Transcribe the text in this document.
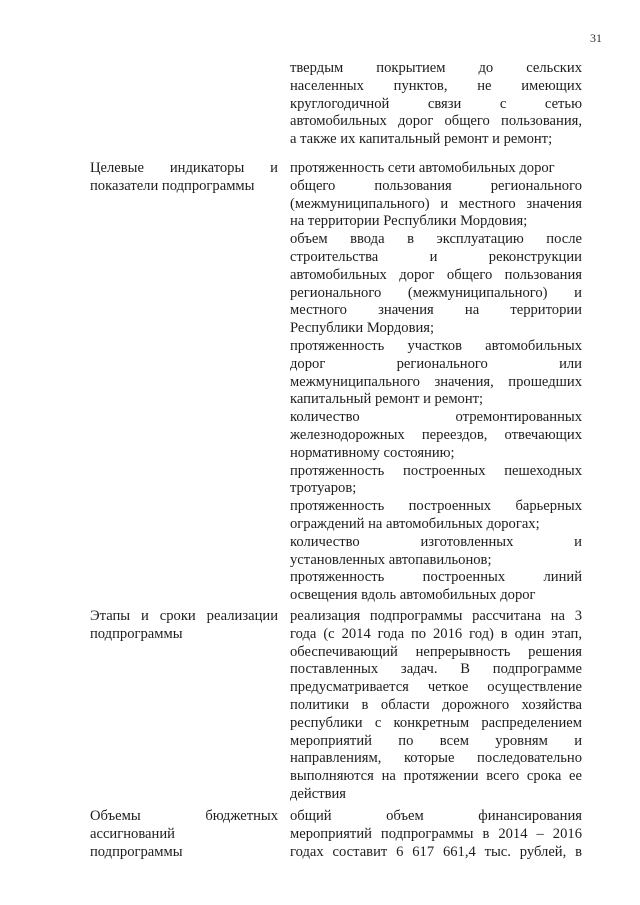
31
твердым покрытием до сельских
населенных пунктов, не имеющих
круглогодичной связи с сетью
автомобильных дорог общего пользования,
а также их капитальный ремонт и ремонт;
Целевые индикаторы и
показатели подпрограммы
протяженность сети автомобильных дорог
общего пользования регионального
(межмуниципального) и местного значения
на территории Республики Мордовия;
объем ввода в эксплуатацию после
строительства и реконструкции
автомобильных дорог общего пользования
регионального (межмуниципального) и
местного значения на территории
Республики Мордовия;
протяженность участков автомобильных
дорог регионального или
межмуниципального значения, прошедших
капитальный ремонт и ремонт;
количество отремонтированных
железнодорожных переездов, отвечающих
нормативному состоянию;
протяженность построенных пешеходных
тротуаров;
протяженность построенных барьерных
ограждений на автомобильных дорогах;
количество изготовленных и
установленных автопавильонов;
протяженность построенных линий
освещения вдоль автомобильных дорог
Этапы и сроки реализации
подпрограммы
реализация подпрограммы рассчитана на 3
года (с 2014 года по 2016 год) в один этап,
обеспечивающий непрерывность решения
поставленных задач. В подпрограмме
предусматривается четкое осуществление
политики в области дорожного хозяйства
республики с конкретным распределением
мероприятий по всем уровням и
направлениям, которые последовательно
выполняются на протяжении всего срока ее
действия
Объемы бюджетных
ассигнований
подпрограммы
общий объем финансирования
мероприятий подпрограммы в 2014 – 2016
годах составит 6 617 661,4 тыс. рублей, в
